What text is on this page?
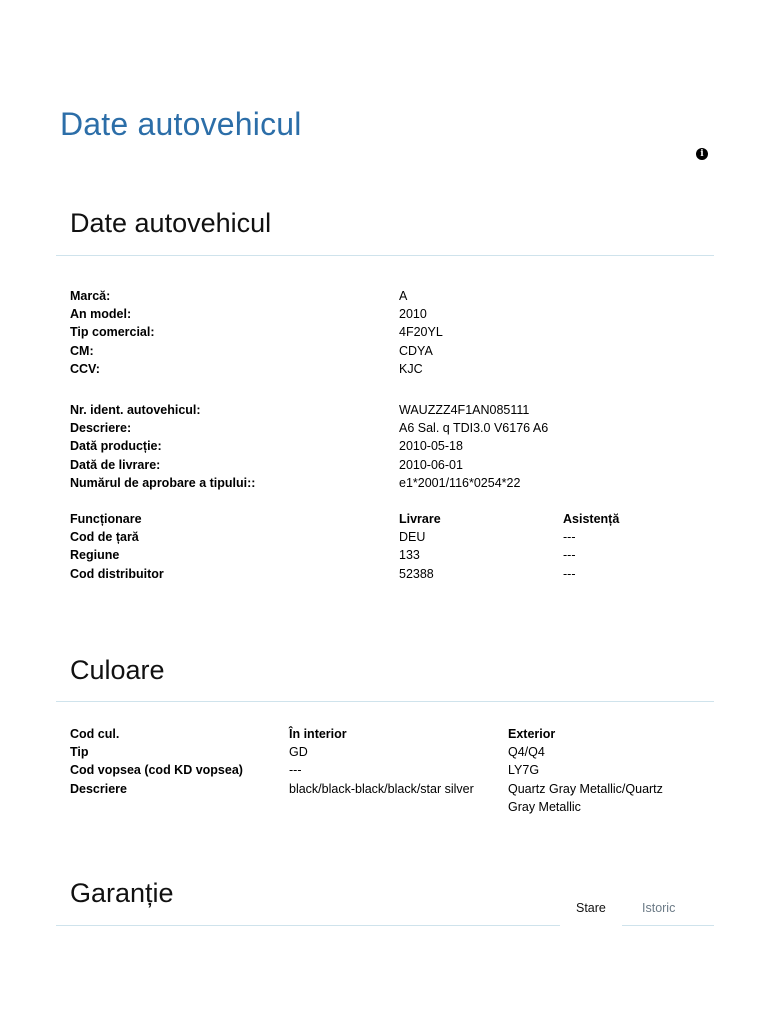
Date autovehicul
i
Date autovehicul
Marcă:	A
An model:	2010
Tip comercial:	4F20YL
CM:	CDYA
CCV:	KJC
Nr. ident. autovehicul:	WAUZZZ4F1AN085111
Descriere:	A6 Sal. q TDI3.0 V6176 A6
Dată producție:	2010-05-18
Dată de livrare:	2010-06-01
Numărul de aprobare a tipului::	e1*2001/116*0254*22
Funcționare	Livrare	Asistență
Cod de țară	DEU	---
Regiune	133	---
Cod distribuitor	52388	---
Culoare
Cod cul.	În interior	Exterior
Tip	GD	Q4/Q4
Cod vopsea (cod KD vopsea)	---	LY7G
Descriere	black/black-black/black/star silver	Quartz Gray Metallic/Quartz Gray Metallic
Garanție	Stare	Istoric
